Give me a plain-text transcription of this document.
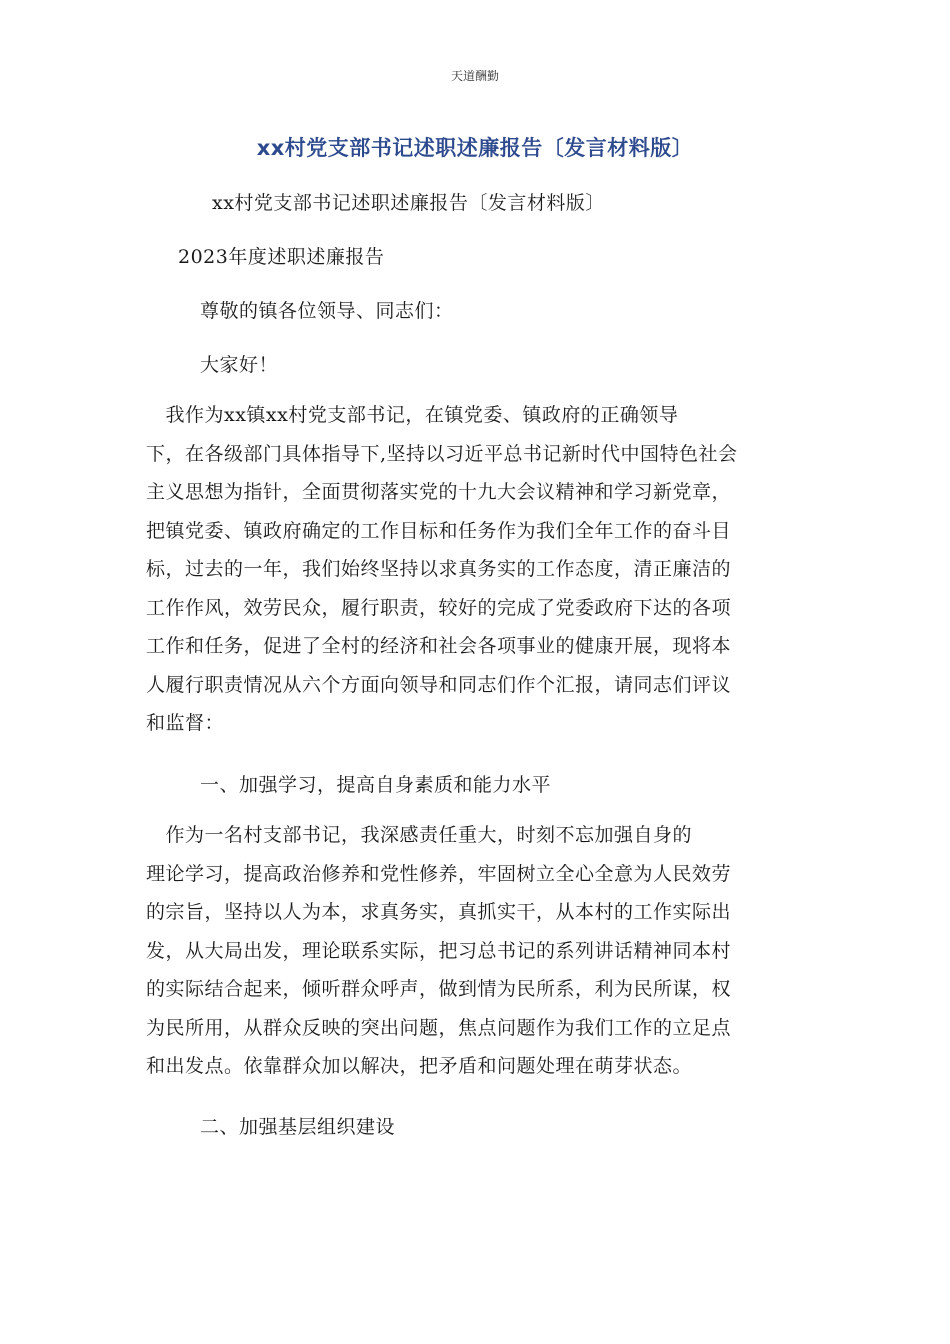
天道酬勤
xx村党支部书记述职述廉报告〔发言材料版〕
xx村党支部书记述职述廉报告〔发言材料版〕
2023年度述职述廉报告
尊敬的镇各位领导、同志们：
大家好！
　我作为xx镇xx村党支部书记，在镇党委、镇政府的正确领导
下，在各级部门具体指导下,坚持以习近平总书记新时代中国特色社会
主义思想为指针，全面贯彻落实党的十九大会议精神和学习新党章，
把镇党委、镇政府确定的工作目标和任务作为我们全年工作的奋斗目
标，过去的一年，我们始终坚持以求真务实的工作态度，清正廉洁的
工作作风，效劳民众，履行职责，较好的完成了党委政府下达的各项
工作和任务，促进了全村的经济和社会各项事业的健康开展，现将本
人履行职责情况从六个方面向领导和同志们作个汇报，请同志们评议
和监督：
一、加强学习，提高自身素质和能力水平
　作为一名村支部书记，我深感责任重大，时刻不忘加强自身的
理论学习，提高政治修养和党性修养，牢固树立全心全意为人民效劳
的宗旨，坚持以人为本，求真务实，真抓实干，从本村的工作实际出
发，从大局出发，理论联系实际，把习总书记的系列讲话精神同本村
的实际结合起来，倾听群众呼声，做到情为民所系，利为民所谋，权
为民所用，从群众反映的突出问题，焦点问题作为我们工作的立足点
和出发点。依靠群众加以解决，把矛盾和问题处理在萌芽状态。
二、加强基层组织建设
